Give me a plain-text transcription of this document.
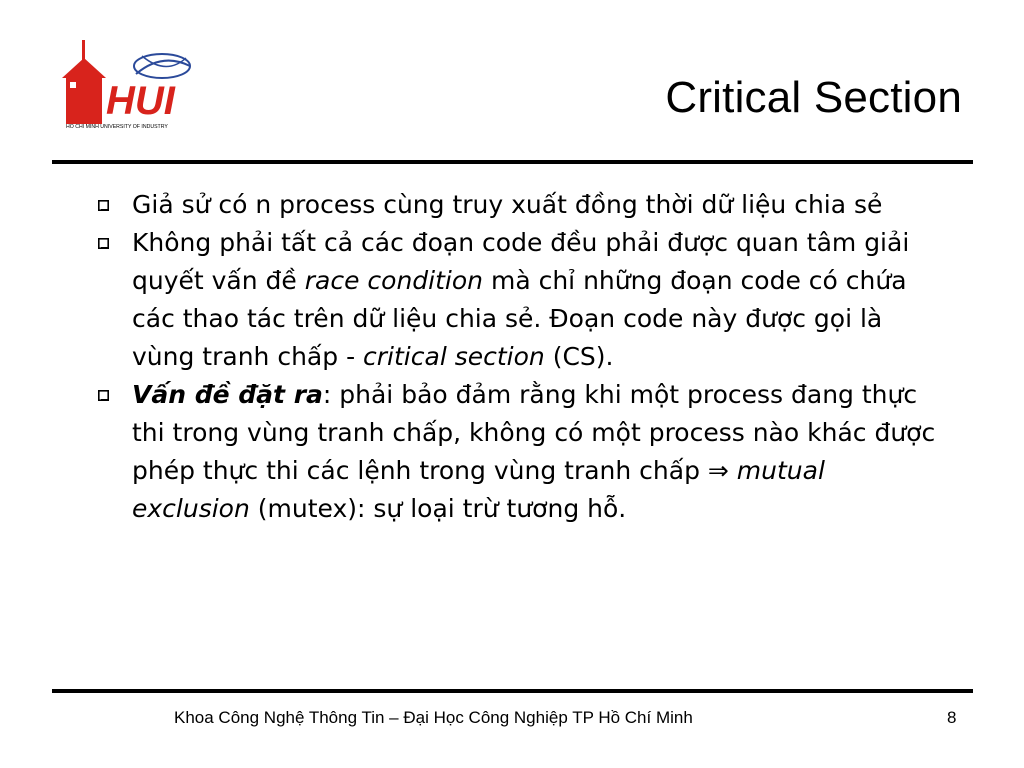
HUI
HO CHI MINH UNIVERSITY OF INDUSTRY
Critical Section
Giả sử có n process cùng truy xuất đồng thời dữ liệu chia sẻ
Không phải tất cả các đoạn code đều phải được quan tâm giải quyết vấn đề race condition mà chỉ những đoạn code có chứa các thao tác trên dữ liệu chia sẻ. Đoạn code này được gọi là vùng tranh chấp - critical section (CS).
Vấn đề đặt ra: phải bảo đảm rằng khi một process đang thực thi trong vùng tranh chấp, không có một process nào khác được phép thực thi các lệnh trong vùng tranh chấp ⇒ mutual exclusion (mutex): sự loại trừ tương hỗ.
Khoa Công Nghệ Thông Tin – Đại Học Công Nghiệp TP Hồ Chí Minh	8
